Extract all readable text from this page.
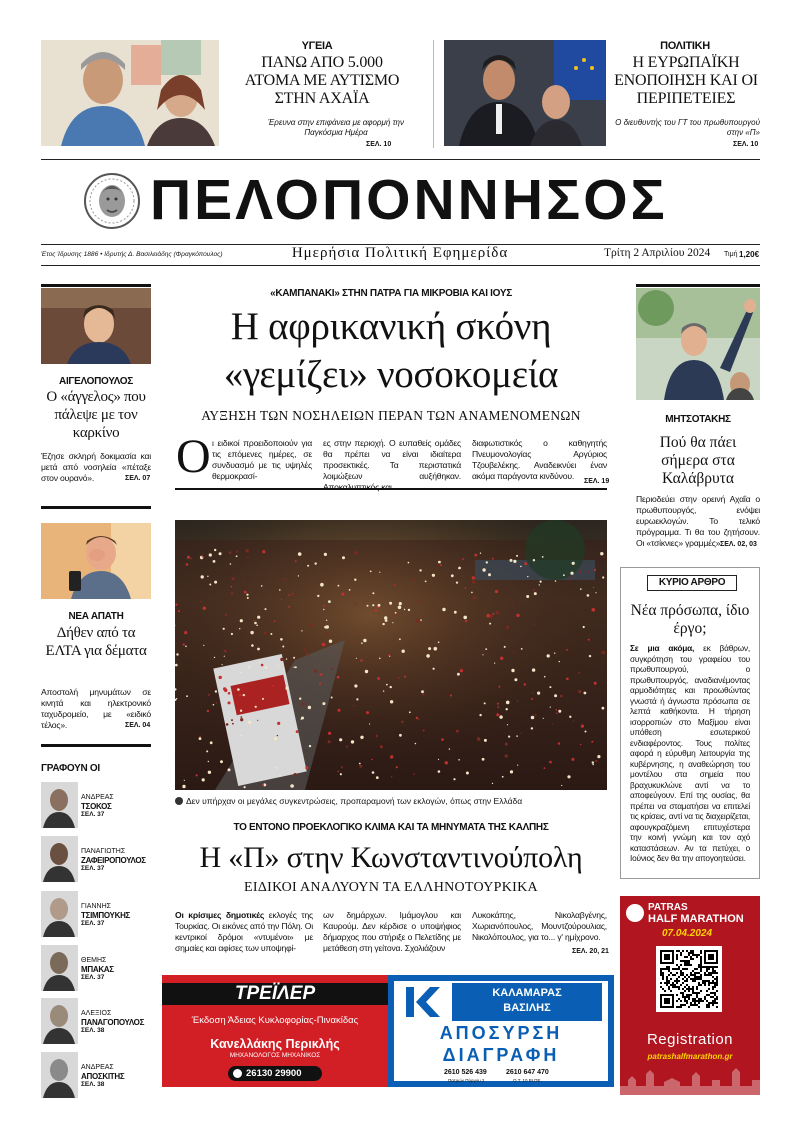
ΥΓΕΙΑ
ΠΑΝΩ ΑΠΟ 5.000 ΑΤΟΜΑ ΜΕ ΑΥΤΙΣΜΟ ΣΤΗΝ ΑΧΑΪΑ
Έρευνα στην επιφάνεια με αφορμή την Παγκόσμια Ημέρα
ΣΕΛ. 10
ΠΟΛΙΤΙΚΗ
Η ΕΥΡΩΠΑΪΚΗ ΕΝΟΠΟΙΗΣΗ ΚΑΙ ΟΙ ΠΕΡΙΠΕΤΕΙΕΣ
Ο διευθυντής του ΓΤ του πρωθυπουργού στην «Π»
ΣΕΛ. 10
ΠΕΛΟΠΟΝΝΗΣΟΣ
Έτος Ίδρυσης 1886 • Ιδρυτής Δ. Βασιλειάδης (Φραγκόπουλος)	Ημερήσια Πολιτική Εφημερίδα	Τρίτη 2 Απριλίου 2024	Τιμή 1,20€
ΑΙΓΕΛΟΠΟΥΛΟΣ
Ο «άγγελος» που πάλεψε με τον καρκίνο
Έζησε σκληρή δοκιμασία και μετά από νοσηλεία «πέταξε στον ουρανό».	ΣΕΛ. 07
ΝΕΑ ΑΠΑΤΗ
Δήθεν από τα ΕΛΤΑ για δέματα
Αποστολή μηνυμάτων σε κινητά και ηλεκτρονικό ταχυδρομείο, με «ειδικό τέλος».	ΣΕΛ. 04
ΓΡΑΦΟΥΝ ΟΙ
ΑΝΔΡΕΑΣ
ΤΣΟΚΟΣ
ΣΕΛ. 37
ΠΑΝΑΓΙΩΤΗΣ
ΖΑΦΕΙΡΟΠΟΥΛΟΣ
ΣΕΛ. 37
ΓΙΑΝΝΗΣ
ΤΣΙΜΠΟΥΚΗΣ
ΣΕΛ. 37
ΘΕΜΗΣ
ΜΠΑΚΑΣ
ΣΕΛ. 37
ΑΛΕΞΙΟΣ
ΠΑΝΑΓΟΠΟΥΛΟΣ
ΣΕΛ. 38
ΑΝΔΡΕΑΣ
ΑΠΟΣΚΙΤΗΣ
ΣΕΛ. 38
«ΚΑΜΠΑΝΑΚΙ» ΣΤΗΝ ΠΑΤΡΑ ΓΙΑ ΜΙΚΡΟΒΙΑ ΚΑΙ ΙΟΥΣ
Η αφρικανική σκόνη
«γεμίζει» νοσοκομεία
ΑΥΞΗΣΗ ΤΩΝ ΝΟΣΗΛΕΙΩΝ ΠΕΡΑΝ ΤΩΝ ΑΝΑΜΕΝΟΜΕΝΩΝ
Ο ι ειδικοί προειδοποιούν για τις επόμενες ημέρες, σε συνδυασμό με τις υψηλές θερμοκρασί-
ες στην περιοχή. Ο ευπαθείς ομάδες θα πρέπει να είναι ιδιαίτερα προσεκτικές. Τα περιστατικά λοιμώξεων αυξήθηκαν. Αποκαλυπτικός και
διαφωτιστικός ο καθηγητής Πνευμονολογίας Αργύριος Τζουβελέκης. Αναδεικνύει έναν ακόμα παράγοντα κινδύνου.
ΣΕΛ. 19
Δεν υπήρχαν οι μεγάλες συγκεντρώσεις, προπαραμονή των εκλογών, όπως στην Ελλάδα
ΤΟ ΕΝΤΟΝΟ ΠΡΟΕΚΛΟΓΙΚΟ ΚΛΙΜΑ ΚΑΙ ΤΑ ΜΗΝΥΜΑΤΑ ΤΗΣ ΚΑΛΠΗΣ
Η «Π» στην Κωνσταντινούπολη
ΕΙΔΙΚΟΙ ΑΝΑΛΥΟΥΝ ΤΑ ΕΛΛΗΝΟΤΟΥΡΚΙΚΑ
Οι κρίσιμες δημοτικές εκλογές της Τουρκίας. Οι εικόνες από την Πόλη. Οι κεντρικοί δρόμοι «ντυμένοι» με σημαίες και αφίσες των υποψηφί-
ων δημάρχων. Ιμάμογλου και Καυρούμ. Δεν κέρδισε ο υποψήφιος δήμαρχος που στήριξε ο Πελετίδης με μετάθεση στη γείτονα. Σχολιάζουν
Λυκοκάπης, Νικολαβγένης, Χωριανόπουλος, Μουντζούρουλιας, Νικολόπουλος, για το... γ' ημίχρονο.
ΣΕΛ. 20, 21
ΜΗΤΣΟΤΑΚΗΣ
Πού θα πάει σήμερα στα Καλάβρυτα
Περιοδεύει στην ορεινή Αχαΐα ο πρωθυπουργός, ενόψει ευρωεκλογών. Το τελικό πρόγραμμα. Τι θα του ζητήσουν. Οι «τσίκνιες» γραμμές».
ΣΕΛ. 02, 03
ΚΥΡΙΟ ΑΡΘΡΟ
Νέα πρόσωπα, ίδιο έργο;
Σε μια ακόμα, εκ βάθρων, συγκρότηση του γραφείου του πρωθυπουργού, ο πρωθυπουργός, αναδιανέμοντας αρμοδιότητες και προωθώντας γνωστά ή άγνωστα πρόσωπα σε λεπτά καθήκοντα. Η τήρηση ισορροπιών στο Μαξίμου είναι υπόθεση εσωτερικού ενδιαφέροντος. Τους πολίτες αφορά η εύρυθμη λειτουργία της κυβέρνησης, η αναθεώρηση του μοντέλου στα σημεία που βραχυκυκλώνε αντί να το αποφεύγουν. Επί της ουσίας, θα πρέπει να σταματήσει να επιτελεί τις κρίσεις, αντί να τις διαχειρίζεται, αφουγκραζόμενη επιτυχέστερα την κοινή γνώμη και τον αχό καταστάσεων. Αν τα πετύχει, ο Ιούνιος δεν θα την απογοητεύσει.
ΤΡΕΪΛΕΡ
Έκδοση Άδειας Κυκλοφορίας-Πινακίδας
Κανελλάκης Περικλής
ΜΗΧΑΝΟΛΟΓΟΣ ΜΗΧΑΝΙΚΟΣ
26130 29900
ΚΑΛΑΜΑΡΑΣ
ΒΑΣΙΛΗΣ
ΑΠΟΣΥΡΣΗ
ΔΙΑΓΡΑΦΗ
2610 526 439
Πατρών Πύργου 2
2610 647 470
Ο.Τ. 10 ΒΙ.ΠΕ.
PATRAS
HALF MARATHON
07.04.2024
Registration
patrashalfmarathon.gr
